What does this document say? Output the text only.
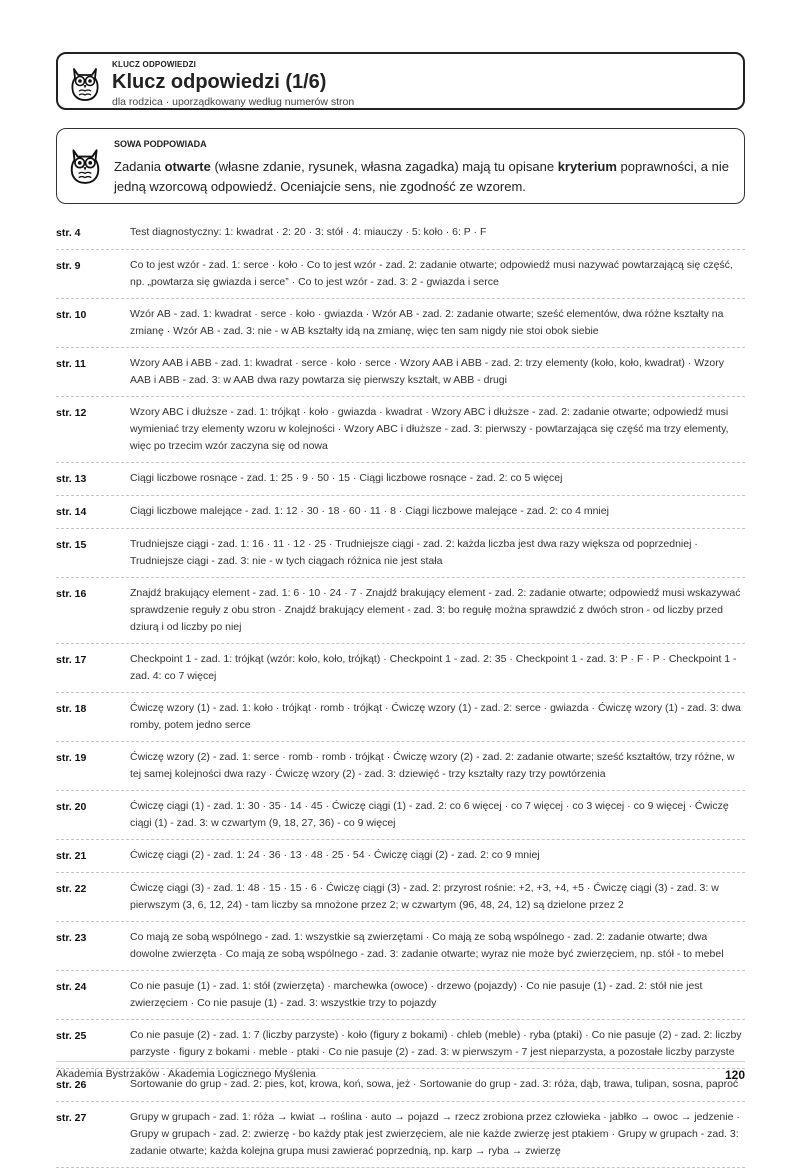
KLUCZ ODPOWIEDZI
Klucz odpowiedzi (1/6)
dla rodzica · uporządkowany według numerów stron
SOWA PODPOWIADA
Zadania otwarte (własne zdanie, rysunek, własna zagadka) mają tu opisane kryterium poprawności, a nie jedną wzorcową odpowiedź. Oceniajcie sens, nie zgodność ze wzorem.
str. 4	Test diagnostyczny: 1: kwadrat · 2: 20 · 3: stół · 4: miauczy · 5: koło · 6: P · F
str. 9	Co to jest wzór - zad. 1: serce · koło · Co to jest wzór - zad. 2: zadanie otwarte; odpowiedź musi nazywać powtarzającą się część, np. „powtarza się gwiazda i serce” · Co to jest wzór - zad. 3: 2 - gwiazda i serce
str. 10	Wzór AB - zad. 1: kwadrat · serce · koło · gwiazda · Wzór AB - zad. 2: zadanie otwarte; sześć elementów, dwa różne kształty na zmianę · Wzór AB - zad. 3: nie - w AB kształty idą na zmianę, więc ten sam nigdy nie stoi obok siebie
str. 11	Wzory AAB i ABB - zad. 1: kwadrat · serce · koło · serce · Wzory AAB i ABB - zad. 2: trzy elementy (koło, koło, kwadrat) · Wzory AAB i ABB - zad. 3: w AAB dwa razy powtarza się pierwszy kształt, w ABB - drugi
str. 12	Wzory ABC i dłuższe - zad. 1: trójkąt · koło · gwiazda · kwadrat · Wzory ABC i dłuższe - zad. 2: zadanie otwarte; odpowiedź musi wymieniać trzy elementy wzoru w kolejności · Wzory ABC i dłuższe - zad. 3: pierwszy - powtarzająca się część ma trzy elementy, więc po trzecim wzór zaczyna się od nowa
str. 13	Ciągi liczbowe rosnące - zad. 1: 25 · 9 · 50 · 15 · Ciągi liczbowe rosnące - zad. 2: co 5 więcej
str. 14	Ciągi liczbowe malejące - zad. 1: 12 · 30 · 18 · 60 · 11 · 8 · Ciągi liczbowe malejące - zad. 2: co 4 mniej
str. 15	Trudniejsze ciągi - zad. 1: 16 · 11 · 12 · 25 · Trudniejsze ciągi - zad. 2: każda liczba jest dwa razy większa od poprzedniej · Trudniejsze ciągi - zad. 3: nie - w tych ciągach różnica nie jest stała
str. 16	Znajdź brakujący element - zad. 1: 6 · 10 · 24 · 7 · Znajdź brakujący element - zad. 2: zadanie otwarte; odpowiedź musi wskazywać sprawdzenie reguły z obu stron · Znajdź brakujący element - zad. 3: bo regułę można sprawdzić z dwóch stron - od liczby przed dziurą i od liczby po niej
str. 17	Checkpoint 1 - zad. 1: trójkąt (wzór: koło, koło, trójkąt) · Checkpoint 1 - zad. 2: 35 · Checkpoint 1 - zad. 3: P · F · P · Checkpoint 1 - zad. 4: co 7 więcej
str. 18	Ćwiczę wzory (1) - zad. 1: koło · trójkąt · romb · trójkąt · Ćwiczę wzory (1) - zad. 2: serce · gwiazda · Ćwiczę wzory (1) - zad. 3: dwa romby, potem jedno serce
str. 19	Ćwiczę wzory (2) - zad. 1: serce · romb · romb · trójkąt · Ćwiczę wzory (2) - zad. 2: zadanie otwarte; sześć kształtów, trzy różne, w tej samej kolejności dwa razy · Ćwiczę wzory (2) - zad. 3: dziewięć - trzy kształty razy trzy powtórzenia
str. 20	Ćwiczę ciągi (1) - zad. 1: 30 · 35 · 14 · 45 · Ćwiczę ciągi (1) - zad. 2: co 6 więcej · co 7 więcej · co 3 więcej · co 9 więcej · Ćwiczę ciągi (1) - zad. 3: w czwartym (9, 18, 27, 36) - co 9 więcej
str. 21	Ćwiczę ciągi (2) - zad. 1: 24 · 36 · 13 · 48 · 25 · 54 · Ćwiczę ciągi (2) - zad. 2: co 9 mniej
str. 22	Ćwiczę ciągi (3) - zad. 1: 48 · 15 · 15 · 6 · Ćwiczę ciągi (3) - zad. 2: przyrost rośnie: +2, +3, +4, +5 · Ćwiczę ciągi (3) - zad. 3: w pierwszym (3, 6, 12, 24) - tam liczby sa mnożone przez 2; w czwartym (96, 48, 24, 12) są dzielone przez 2
str. 23	Co mają ze sobą wspólnego - zad. 1: wszystkie są zwierzętami · Co mają ze sobą wspólnego - zad. 2: zadanie otwarte; dwa dowolne zwierzęta · Co mają ze sobą wspólnego - zad. 3: zadanie otwarte; wyraz nie może być zwierzęciem, np. stół - to mebel
str. 24	Co nie pasuje (1) - zad. 1: stół (zwierzęta) · marchewka (owoce) · drzewo (pojazdy) · Co nie pasuje (1) - zad. 2: stół nie jest zwierzęciem · Co nie pasuje (1) - zad. 3: wszystkie trzy to pojazdy
str. 25	Co nie pasuje (2) - zad. 1: 7 (liczby parzyste) · koło (figury z bokami) · chleb (meble) · ryba (ptaki) · Co nie pasuje (2) - zad. 2: liczby parzyste · figury z bokami · meble · ptaki · Co nie pasuje (2) - zad. 3: w pierwszym - 7 jest nieparzysta, a pozostałe liczby parzyste
str. 26	Sortowanie do grup - zad. 2: pies, kot, krowa, koń, sowa, jeż · Sortowanie do grup - zad. 3: róża, dąb, trawa, tulipan, sosna, paproć
str. 27	Grupy w grupach - zad. 1: róża → kwiat → roślina · auto → pojazd → rzecz zrobiona przez człowieka · jabłko → owoc → jedzenie · Grupy w grupach - zad. 2: zwierzę - bo każdy ptak jest zwierzęciem, ale nie każde zwierzę jest ptakiem · Grupy w grupach - zad. 3: zadanie otwarte; każda kolejna grupa musi zawierać poprzednią, np. karp → ryba → zwierzę
Akademia Bystrzaków · Akademia Logicznego Myślenia	120
